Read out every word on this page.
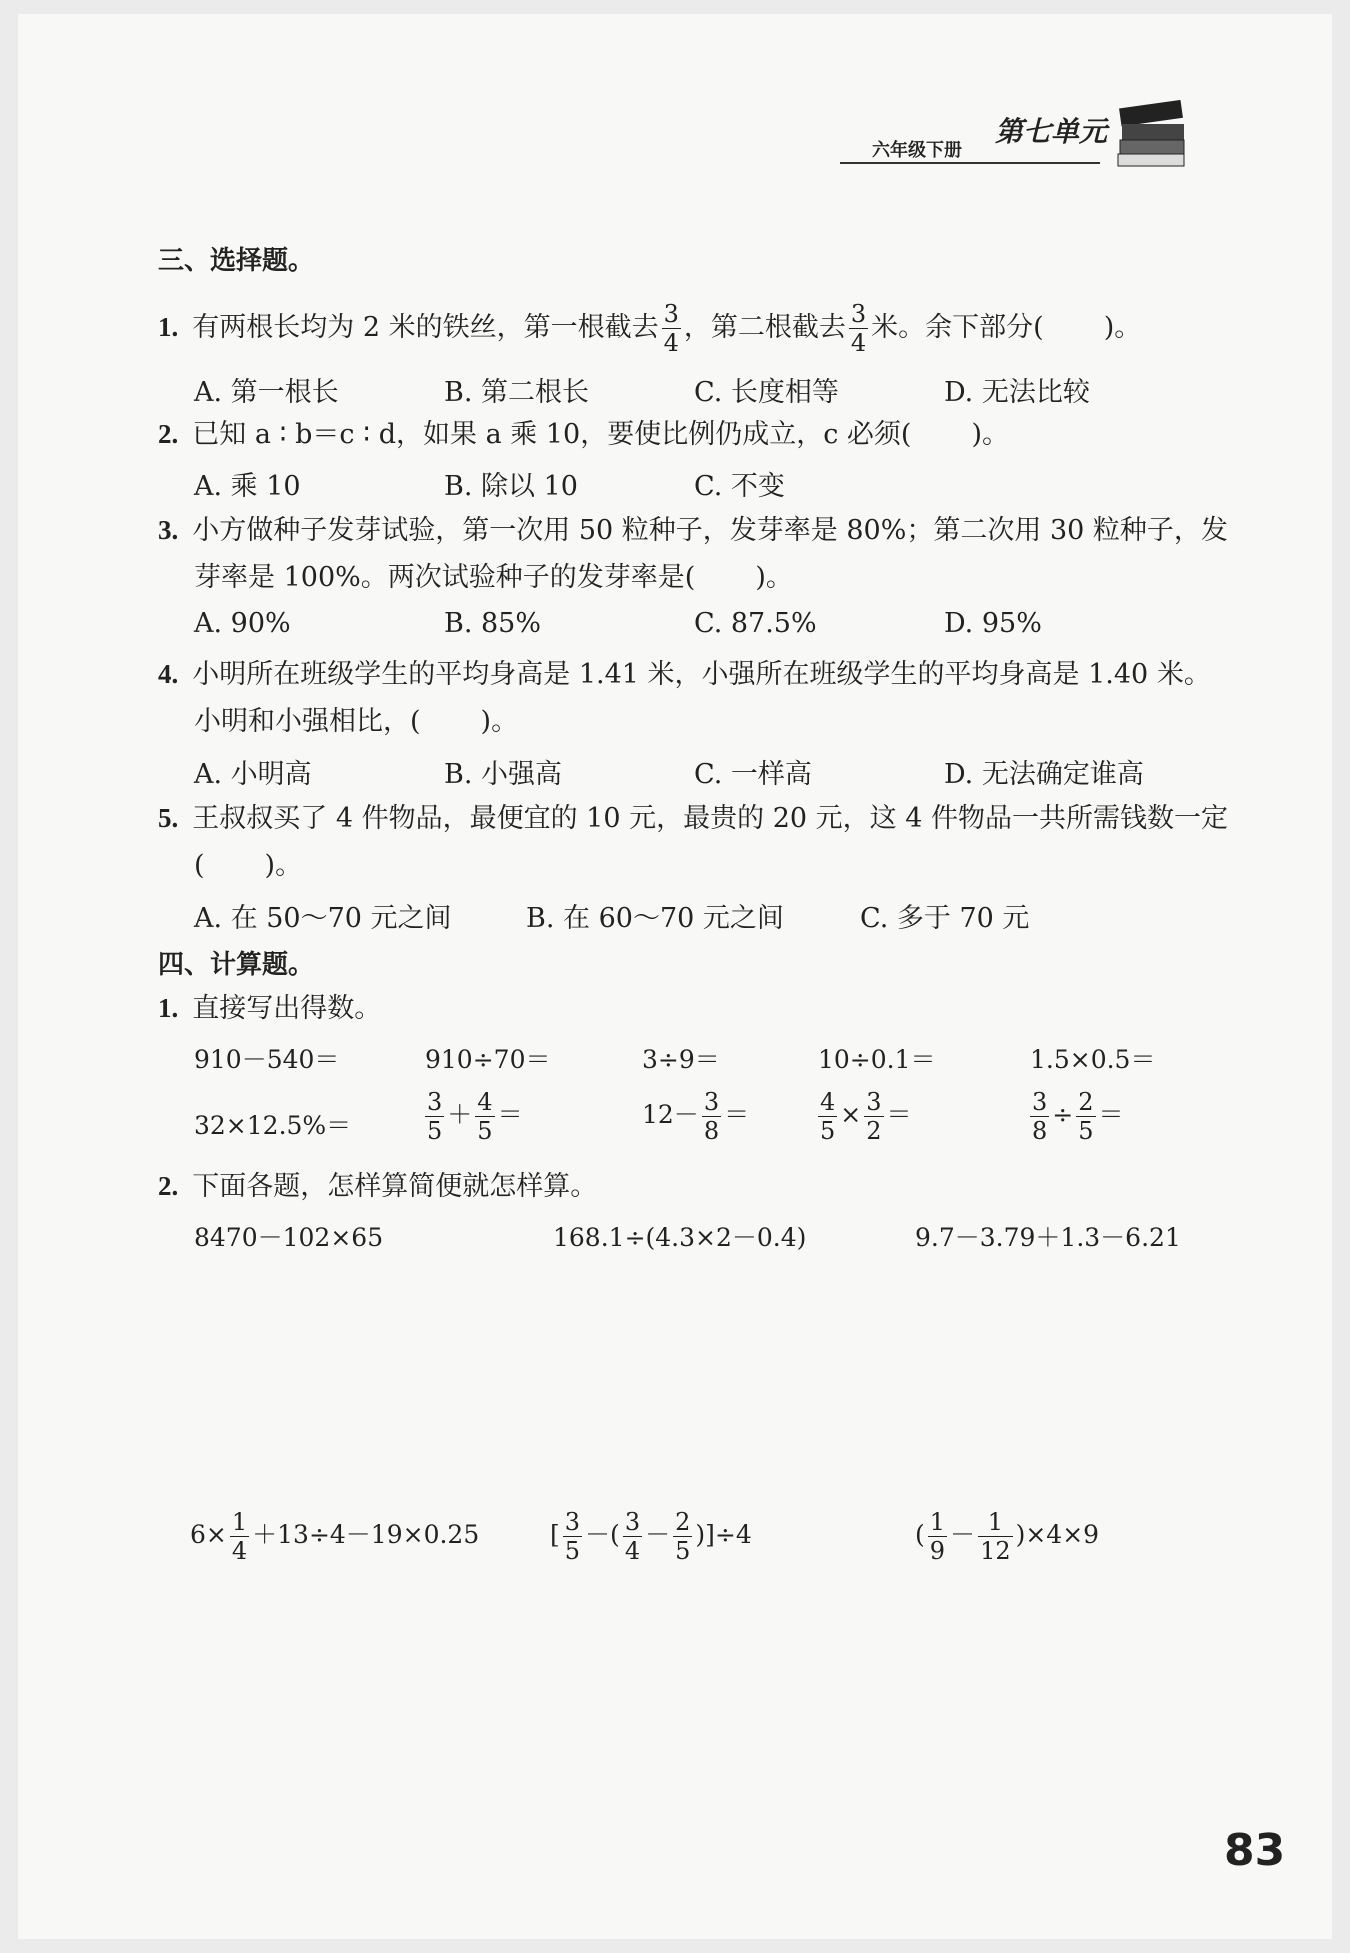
六年级下册
第七单元
三、选择题。
1. 有两根长均为 2 米的铁丝，第一根截去 $\frac{3}{4}$ ，第二根截去 $\frac{3}{4}$ 米。余下部分( )。
A. 第一根长	B. 第二根长	C. 长度相等	D. 无法比较
2. 已知 a ∶ b＝c ∶ d，如果 a 乘 10，要使比例仍成立，c 必须( )。
A. 乘 10	B. 除以 10	C. 不变
3. 小方做种子发芽试验，第一次用 50 粒种子，发芽率是 80%；第二次用 30 粒种子，发
芽率是 100%。两次试验种子的发芽率是( )。
A. 90%	B. 85%	C. 87.5%	D. 95%
4. 小明所在班级学生的平均身高是 1.41 米，小强所在班级学生的平均身高是 1.40 米。
小明和小强相比，( )。
A. 小明高	B. 小强高	C. 一样高	D. 无法确定谁高
5. 王叔叔买了 4 件物品，最便宜的 10 元，最贵的 20 元，这 4 件物品一共所需钱数一定
( )。
A. 在 50～70 元之间	B. 在 60～70 元之间	C. 多于 70 元
四、计算题。
1. 直接写出得数。
910－540＝	910÷70＝	3÷9＝	10÷0.1＝	1.5×0.5＝
32×12.5%＝	$\frac{3}{5} + \frac{4}{5}$ ＝	$12- \frac{3}{8}$ ＝	$\frac{4}{5} \times \frac{3}{2}$ ＝	$\frac{3}{8} \div \frac{2}{5}$ ＝
2. 下面各题，怎样算简便就怎样算。
8470－102×65	168.1÷(4.3×2－0.4)	9.7－3.79＋1.3－6.21
$6\times \frac{1}{4} +13\div 4-19\times 0.25$	[ $\frac{3}{5}$ －( $\frac{3}{4} - \frac{2}{5} )]\div 4$	( $\frac{1}{9} - \frac{1}{12} )\times 4\times 9$
83
